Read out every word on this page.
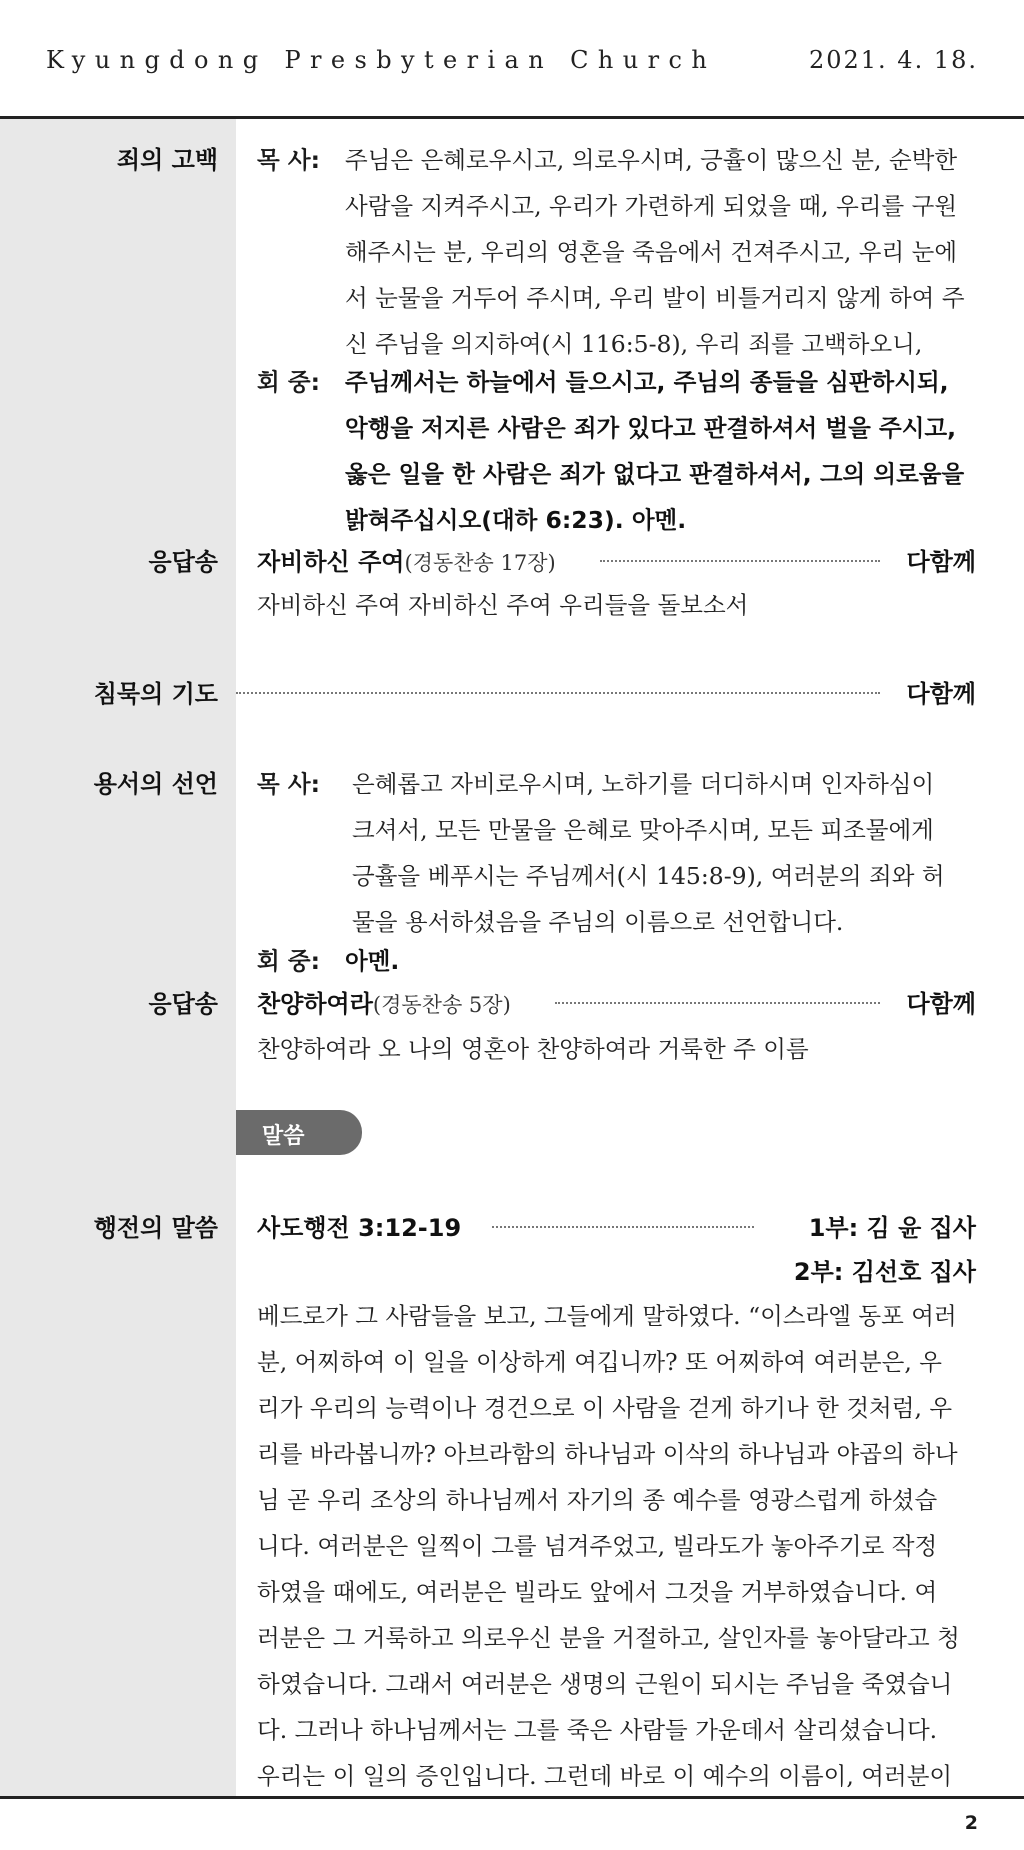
Kyungdong Presbyterian Church	2021. 4. 18.
죄의 고백 목 사: 주님은 은혜로우시고, 의로우시며, 긍휼이 많으신 분, 순박한
사람을 지켜주시고, 우리가 가련하게 되었을 때, 우리를 구원
해주시는 분, 우리의 영혼을 죽음에서 건져주시고, 우리 눈에
서 눈물을 거두어 주시며, 우리 발이 비틀거리지 않게 하여 주
신 주님을 의지하여(시 116:5-8), 우리 죄를 고백하오니,
회 중: 주님께서는 하늘에서 들으시고, 주님의 종들을 심판하시되,
악행을 저지른 사람은 죄가 있다고 판결하셔서 벌을 주시고,
옳은 일을 한 사람은 죄가 없다고 판결하셔서, 그의 의로움을
밝혀주십시오(대하 6:23). 아멘.
응답송 자비하신 주여(경동찬송 17장)	다함께
자비하신 주여 자비하신 주여 우리들을 돌보소서
침묵의 기도	다함께
용서의 선언 목 사: 은혜롭고 자비로우시며, 노하기를 더디하시며 인자하심이
크셔서, 모든 만물을 은혜로 맞아주시며, 모든 피조물에게
긍휼을 베푸시는 주님께서(시 145:8-9), 여러분의 죄와 허
물을 용서하셨음을 주님의 이름으로 선언합니다.
회 중: 아멘.
응답송 찬양하여라(경동찬송 5장)	다함께
찬양하여라 오 나의 영혼아 찬양하여라 거룩한 주 이름
말씀
행전의 말씀 사도행전 3:12-19	1부: 김 윤 집사
2부: 김선호 집사
베드로가 그 사람들을 보고, 그들에게 말하였다. “이스라엘 동포 여러
분, 어찌하여 이 일을 이상하게 여깁니까? 또 어찌하여 여러분은, 우
리가 우리의 능력이나 경건으로 이 사람을 걷게 하기나 한 것처럼, 우
리를 바라봅니까? 아브라함의 하나님과 이삭의 하나님과 야곱의 하나
님 곧 우리 조상의 하나님께서 자기의 종 예수를 영광스럽게 하셨습
니다. 여러분은 일찍이 그를 넘겨주었고, 빌라도가 놓아주기로 작정
하였을 때에도, 여러분은 빌라도 앞에서 그것을 거부하였습니다. 여
러분은 그 거룩하고 의로우신 분을 거절하고, 살인자를 놓아달라고 청
하였습니다. 그래서 여러분은 생명의 근원이 되시는 주님을 죽였습니
다. 그러나 하나님께서는 그를 죽은 사람들 가운데서 살리셨습니다.
우리는 이 일의 증인입니다. 그런데 바로 이 예수의 이름이, 여러분이
2
